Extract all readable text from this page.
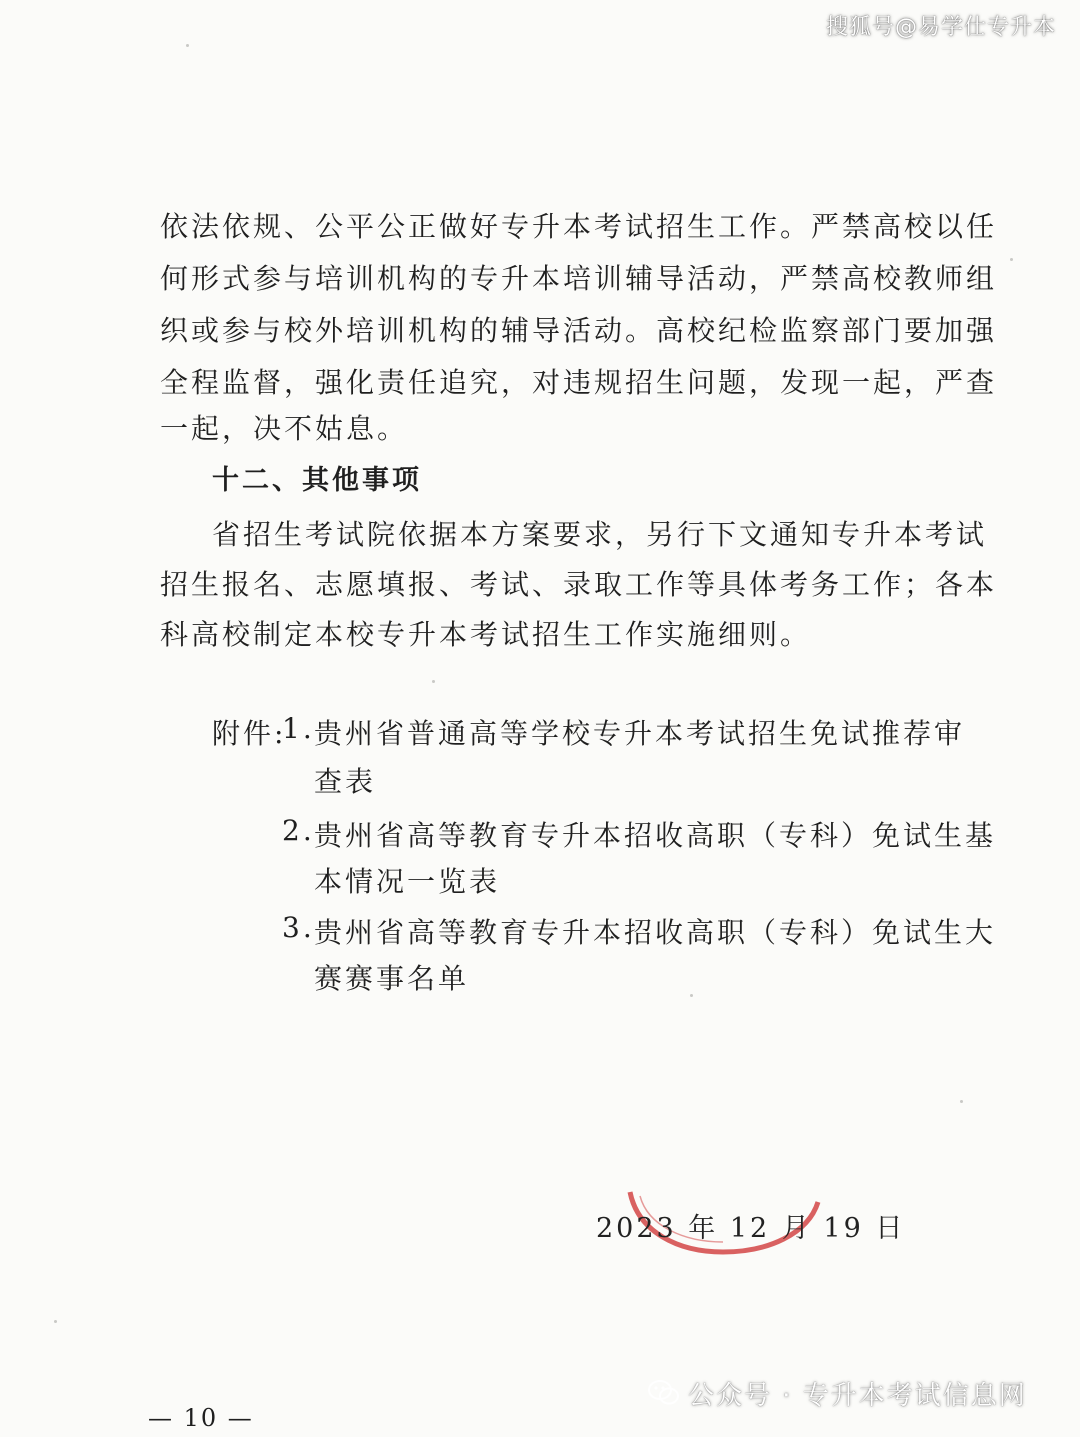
搜狐号@易学仕专升本
依法依规、公平公正做好专升本考试招生工作。严禁高校以任
何形式参与培训机构的专升本培训辅导活动，严禁高校教师组
织或参与校外培训机构的辅导活动。高校纪检监察部门要加强
全程监督，强化责任追究，对违规招生问题，发现一起，严查
一起，决不姑息。
十二、其他事项
省招生考试院依据本方案要求，另行下文通知专升本考试
招生报名、志愿填报、考试、录取工作等具体考务工作；各本
科高校制定本校专升本考试招生工作实施细则。
附件:
1. 贵州省普通高等学校专升本考试招生免试推荐审
查表
2. 贵州省高等教育专升本招收高职（专科）免试生基
本情况一览表
3. 贵州省高等教育专升本招收高职（专科）免试生大
赛赛事名单
2023 年 12 月 19 日
— 10 —
公众号 · 专升本考试信息网
